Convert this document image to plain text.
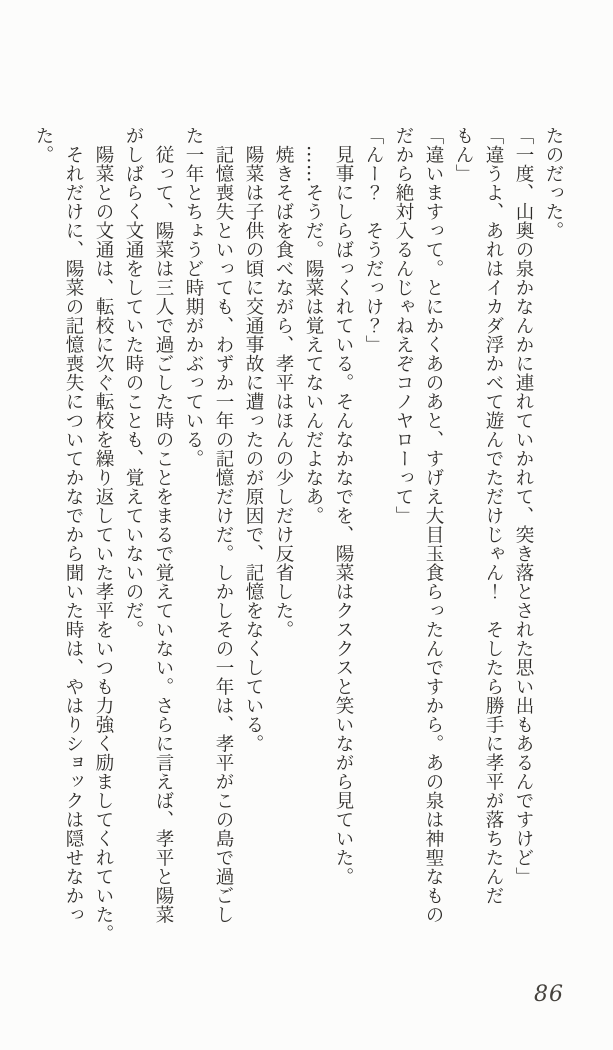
たのだった。

「一度、山奥の泉かなんかに連れていかれて、突き落とされた思い出もあるんですけど」

「違うよ、あれはイカダ浮かべて遊んでただけじゃん！　そしたら勝手に孝平が落ちたんだ

もん」

「違いますって。とにかくあのあと、すげえ大目玉食らったんですから。あの泉は神聖なもの

だから絶対入るんじゃねえぞコノヤローって」

「んー？　そうだっけ？」

見事にしらばっくれている。そんなかなでを、陽菜はクスクスと笑いながら見ていた。

……そうだ。陽菜は覚えてないんだよなあ。

焼きそばを食べながら、孝平はほんの少しだけ反省した。

陽菜は子供の頃に交通事故に遭ったのが原因で、記憶をなくしている。

記憶喪失といっても、わずか一年の記憶だけだ。しかしその一年は、孝平がこの島で過ごし

た一年とちょうど時期がかぶっている。

従って、陽菜は三人で過ごした時のことをまるで覚えていない。さらに言えば、孝平と陽菜

がしばらく文通をしていた時のことも、覚えていないのだ。

陽菜との文通は、転校に次ぐ転校を繰り返していた孝平をいつも力強く励ましてくれていた。

それだけに、陽菜の記憶喪失についてかなでから聞いた時は、やはりショックは隠せなかった。

86
